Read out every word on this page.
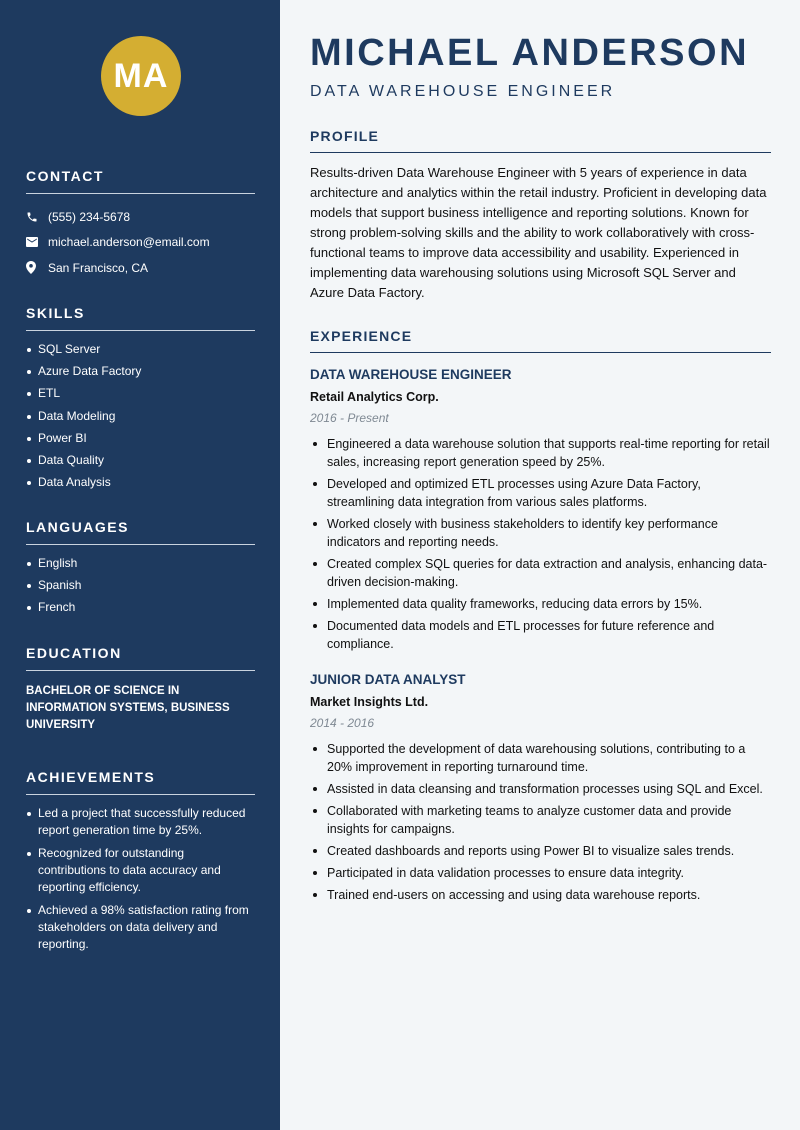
MA
CONTACT
(555) 234-5678
michael.anderson@email.com
San Francisco, CA
SKILLS
SQL Server
Azure Data Factory
ETL
Data Modeling
Power BI
Data Quality
Data Analysis
LANGUAGES
English
Spanish
French
EDUCATION
BACHELOR OF SCIENCE IN INFORMATION SYSTEMS, BUSINESS UNIVERSITY
ACHIEVEMENTS
Led a project that successfully reduced report generation time by 25%.
Recognized for outstanding contributions to data accuracy and reporting efficiency.
Achieved a 98% satisfaction rating from stakeholders on data delivery and reporting.
MICHAEL ANDERSON
DATA WAREHOUSE ENGINEER
PROFILE
Results-driven Data Warehouse Engineer with 5 years of experience in data architecture and analytics within the retail industry. Proficient in developing data models that support business intelligence and reporting solutions. Known for strong problem-solving skills and the ability to work collaboratively with cross-functional teams to improve data accessibility and usability. Experienced in implementing data warehousing solutions using Microsoft SQL Server and Azure Data Factory.
EXPERIENCE
DATA WAREHOUSE ENGINEER
Retail Analytics Corp.
2016 - Present
Engineered a data warehouse solution that supports real-time reporting for retail sales, increasing report generation speed by 25%.
Developed and optimized ETL processes using Azure Data Factory, streamlining data integration from various sales platforms.
Worked closely with business stakeholders to identify key performance indicators and reporting needs.
Created complex SQL queries for data extraction and analysis, enhancing data-driven decision-making.
Implemented data quality frameworks, reducing data errors by 15%.
Documented data models and ETL processes for future reference and compliance.
JUNIOR DATA ANALYST
Market Insights Ltd.
2014 - 2016
Supported the development of data warehousing solutions, contributing to a 20% improvement in reporting turnaround time.
Assisted in data cleansing and transformation processes using SQL and Excel.
Collaborated with marketing teams to analyze customer data and provide insights for campaigns.
Created dashboards and reports using Power BI to visualize sales trends.
Participated in data validation processes to ensure data integrity.
Trained end-users on accessing and using data warehouse reports.
